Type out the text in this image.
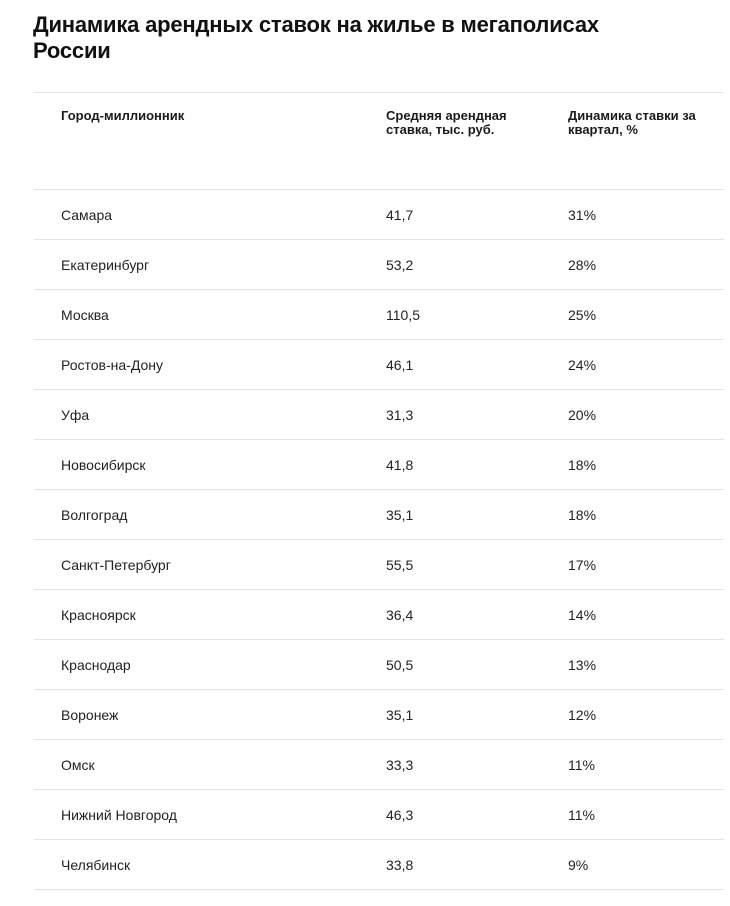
Динамика арендных ставок на жилье в мегаполисах России
Город-миллионник	Средняя арендная ставка, тыс. руб.	Динамика ставки за квартал, %
Самара	41,7	31%
Екатеринбург	53,2	28%
Москва	110,5	25%
Ростов-на-Дону	46,1	24%
Уфа	31,3	20%
Новосибирск	41,8	18%
Волгоград	35,1	18%
Санкт-Петербург	55,5	17%
Красноярск	36,4	14%
Краснодар	50,5	13%
Воронеж	35,1	12%
Омск	33,3	11%
Нижний Новгород	46,3	11%
Челябинск	33,8	9%
